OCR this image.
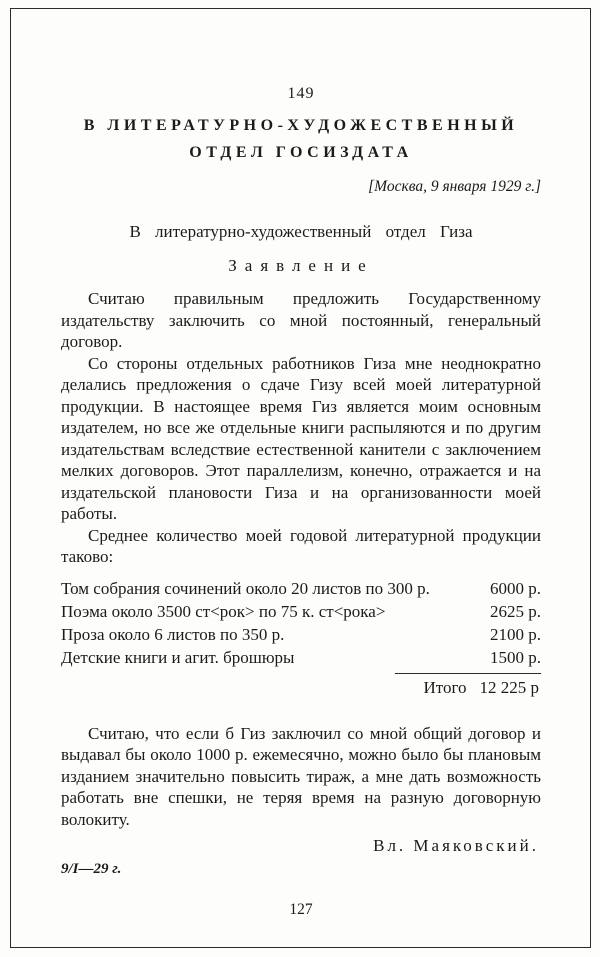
149
В ЛИТЕРАТУРНО-ХУДОЖЕСТВЕННЫЙ
ОТДЕЛ ГОСИЗДАТА
[Москва, 9 января 1929 г.]
В литературно-художественный отдел Гиза
Заявление

Считаю правильным предложить Государственному издательству заключить со мной постоянный, генеральный договор.

Со стороны отдельных работников Гиза мне неоднократно делались предложения о сдаче Гизу всей моей литературной продукции. В настоящее время Гиз является моим основным издателем, но все же отдельные книги распыляются и по другим издательствам вследствие естественной канители с заключением мелких договоров. Этот параллелизм, конечно, отражается и на издательской плановости Гиза и на организованности моей работы.

Среднее количество моей годовой литературной продукции таково:

Том собрания сочинений около 20 листов по 300 р.	6000 р.
Поэма около 3500 ст<рок> по 75 к. ст<рока>	2625 р.
Проза около 6 листов по 350 р.	2100 р.
Детские книги и агит. брошюры	1500 р.
Итого 12 225 р

Считаю, что если б Гиз заключил со мной общий договор и выдавал бы около 1000 р. ежемесячно, можно было бы плановым изданием значительно повысить тираж, а мне дать возможность работать вне спешки, не теряя время на разную договорную волокиту.

Вл. Маяковский.
9/I—29 г.
127
